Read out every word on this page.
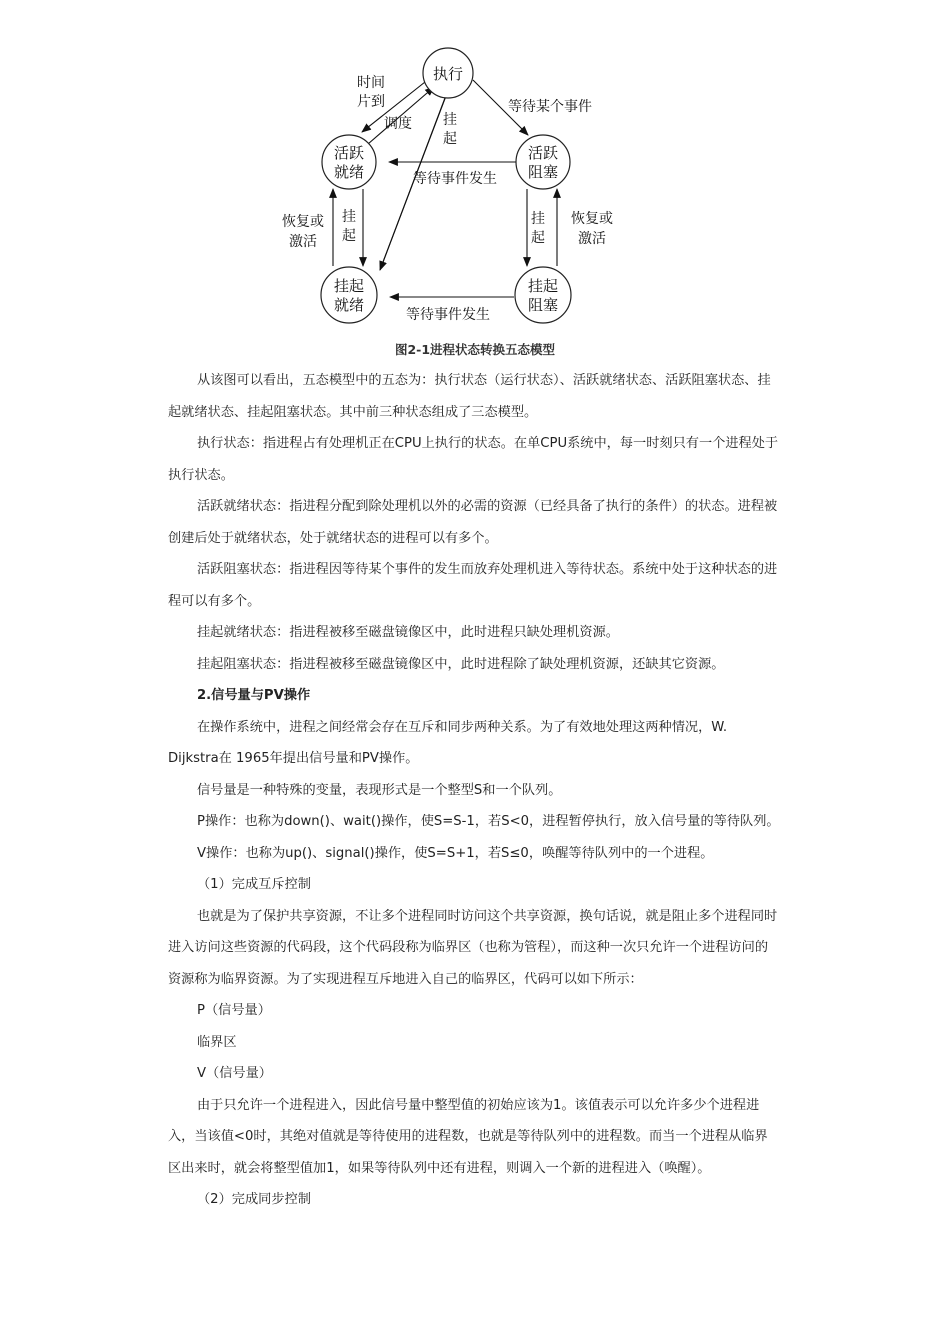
执行
活跃
就绪
活跃
阻塞
挂起
就绪
挂起
阻塞
时间
片到
调度 挂
起
等待某个事件
等待事件发生
恢复或
激活
挂
起
挂
起
恢复或
激活
等待事件发生
图2-1进程状态转换五态模型

从该图可以看出，五态模型中的五态为：执行状态（运行状态）、活跃就绪状态、活跃阻塞状态、挂起就绪状态、挂起阻塞状态。其中前三种状态组成了三态模型。

执行状态：指进程占有处理机正在CPU上执行的状态。在单CPU系统中，每一时刻只有一个进程处于执行状态。

活跃就绪状态：指进程分配到除处理机以外的必需的资源（已经具备了执行的条件）的状态。进程被创建后处于就绪状态，处于就绪状态的进程可以有多个。

活跃阻塞状态：指进程因等待某个事件的发生而放弃处理机进入等待状态。系统中处于这种状态的进程可以有多个。

挂起就绪状态：指进程被移至磁盘镜像区中，此时进程只缺处理机资源。

挂起阻塞状态：指进程被移至磁盘镜像区中，此时进程除了缺处理机资源，还缺其它资源。

2.信号量与PV操作

在操作系统中，进程之间经常会存在互斥和同步两种关系。为了有效地处理这两种情况，W. Dijkstra在 1965年提出信号量和PV操作。

信号量是一种特殊的变量，表现形式是一个整型S和一个队列。

P操作：也称为down()、wait()操作，使S=S-1，若S<0，进程暂停执行，放入信号量的等待队列。

V操作：也称为up()、signal()操作，使S=S+1，若S≤0，唤醒等待队列中的一个进程。

（1）完成互斥控制

也就是为了保护共享资源，不让多个进程同时访问这个共享资源，换句话说，就是阻止多个进程同时进入访问这些资源的代码段，这个代码段称为临界区（也称为管程），而这种一次只允许一个进程访问的资源称为临界资源。为了实现进程互斥地进入自己的临界区，代码可以如下所示：

P（信号量）

临界区

V（信号量）

由于只允许一个进程进入，因此信号量中整型值的初始应该为1。该值表示可以允许多少个进程进入，当该值<0时，其绝对值就是等待使用的进程数，也就是等待队列中的进程数。而当一个进程从临界区出来时，就会将整型值加1，如果等待队列中还有进程，则调入一个新的进程进入（唤醒）。

（2）完成同步控制
